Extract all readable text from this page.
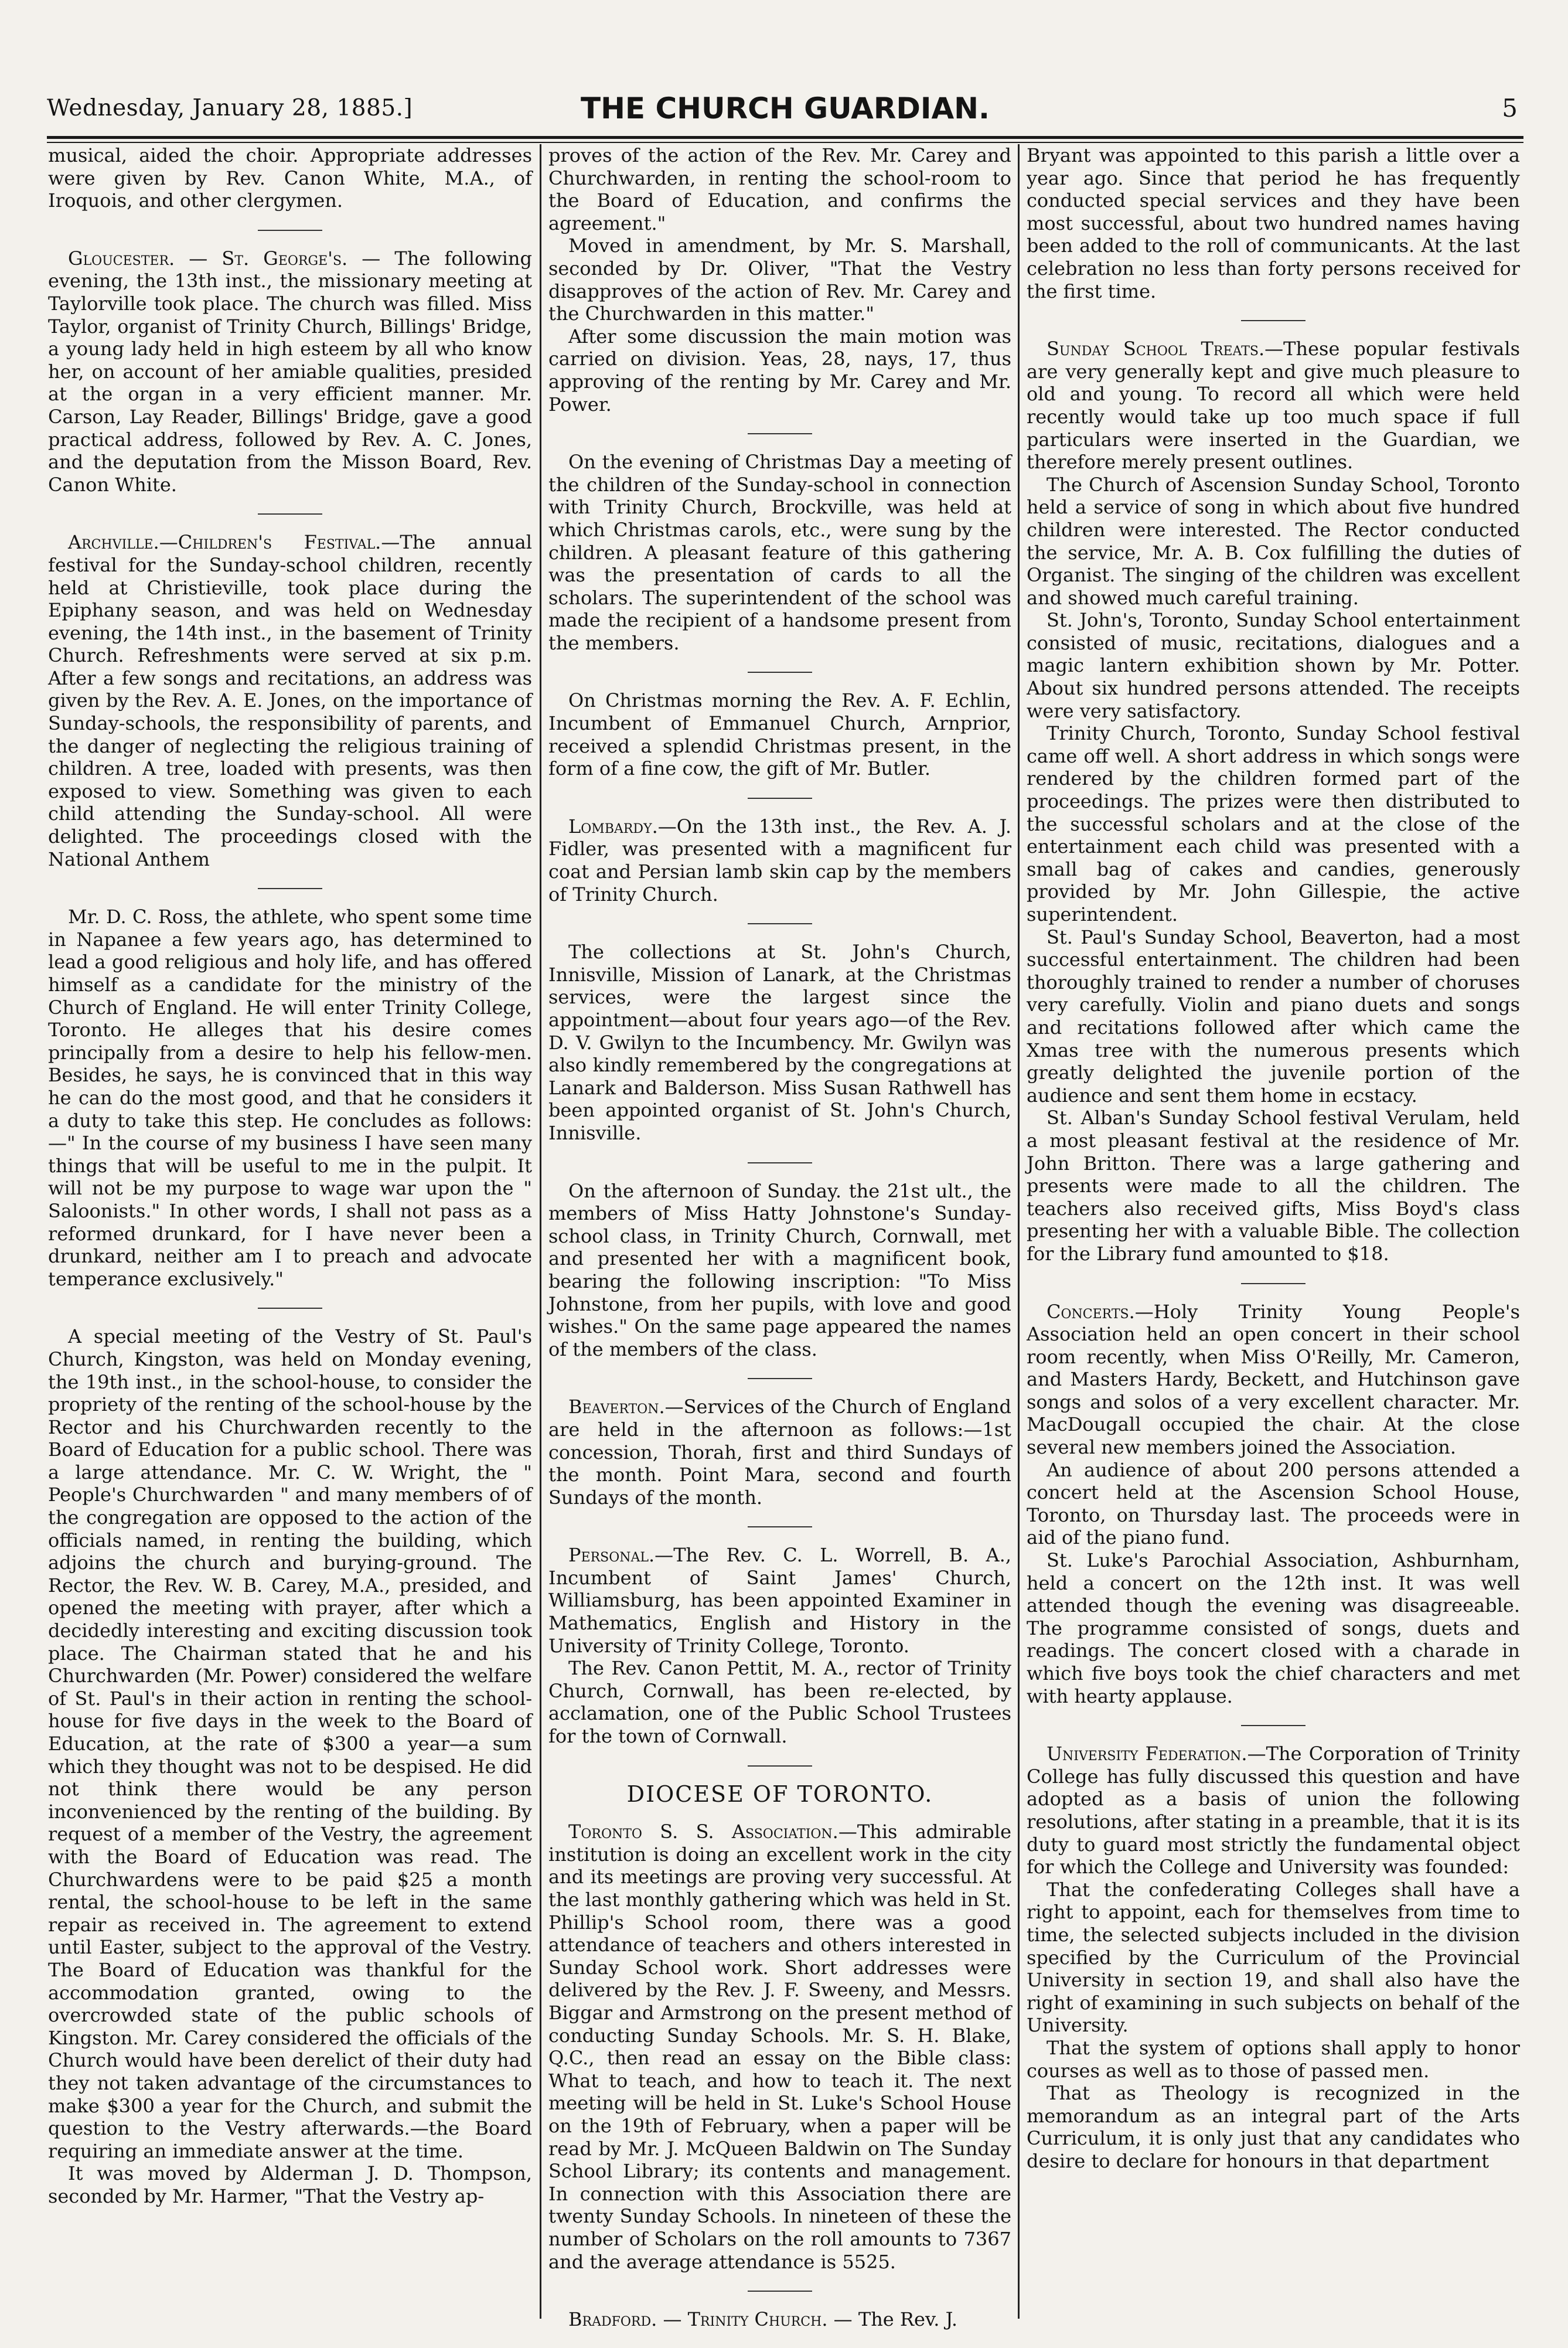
Wednesday, January 28, 1885.]	THE CHURCH GUARDIAN.	5

musical, aided the choir. Appropriate addresses were given by Rev. Canon White, M.A., of Iroquois, and other clergymen.

Gloucester. — St. George's. — The following evening, the 13th inst., the missionary meeting at Taylorville took place. The church was filled. Miss Taylor, organist of Trinity Church, Billings' Bridge, a young lady held in high esteem by all who know her, on account of her amiable qualities, presided at the organ in a very efficient manner. Mr. Carson, Lay Reader, Billings' Bridge, gave a good practical address, followed by Rev. A. C. Jones, and the deputation from the Misson Board, Rev. Canon White.

Archville.—Children's Festival.—The annual festival for the Sunday-school children, recently held at Christieville, took place during the Epiphany season, and was held on Wednesday evening, the 14th inst., in the basement of Trinity Church. Refreshments were served at six p.m. After a few songs and recitations, an address was given by the Rev. A. E. Jones, on the importance of Sunday-schools, the responsibility of parents, and the danger of neglecting the religious training of children. A tree, loaded with presents, was then exposed to view. Something was given to each child attending the Sunday-school. All were delighted. The proceedings closed with the National Anthem

Mr. D. C. Ross, the athlete, who spent some time in Napanee a few years ago, has determined to lead a good religious and holy life, and has offered himself as a candidate for the ministry of the Church of England. He will enter Trinity College, Toronto. He alleges that his desire comes principally from a desire to help his fellow-men. Besides, he says, he is convinced that in this way he can do the most good, and that he considers it a duty to take this step. He concludes as follows: —" In the course of my business I have seen many things that will be useful to me in the pulpit. It will not be my purpose to wage war upon the " Saloonists." In other words, I shall not pass as a reformed drunkard, for I have never been a drunkard, neither am I to preach and advocate temperance exclusively."

A special meeting of the Vestry of St. Paul's Church, Kingston, was held on Monday evening, the 19th inst., in the school-house, to consider the propriety of the renting of the school-house by the Rector and his Churchwarden recently to the Board of Education for a public school. There was a large attendance. Mr. C. W. Wright, the " People's Churchwarden " and many members of of the congregation are opposed to the action of the officials named, in renting the building, which adjoins the church and burying-ground. The Rector, the Rev. W. B. Carey, M.A., presided, and opened the meeting with prayer, after which a decidedly interesting and exciting discussion took place. The Chairman stated that he and his Churchwarden (Mr. Power) considered the welfare of St. Paul's in their action in renting the school-house for five days in the week to the Board of Education, at the rate of $300 a year—a sum which they thought was not to be despised. He did not think there would be any person inconvenienced by the renting of the building. By request of a member of the Vestry, the agreement with the Board of Education was read. The Churchwardens were to be paid $25 a month rental, the school-house to be left in the same repair as received in. The agreement to extend until Easter, subject to the approval of the Vestry. The Board of Education was thankful for the accommodation granted, owing to the overcrowded state of the public schools of Kingston. Mr. Carey considered the officials of the Church would have been derelict of their duty had they not taken advantage of the circumstances to make $300 a year for the Church, and submit the question to the Vestry afterwards.—the Board requiring an immediate answer at the time.

It was moved by Alderman J. D. Thompson, seconded by Mr. Harmer, "That the Vestry ap-

proves of the action of the Rev. Mr. Carey and Churchwarden, in renting the school-room to the Board of Education, and confirms the agreement."

Moved in amendment, by Mr. S. Marshall, seconded by Dr. Oliver, "That the Vestry disapproves of the action of Rev. Mr. Carey and the Churchwarden in this matter."

After some discussion the main motion was carried on division. Yeas, 28, nays, 17, thus approving of the renting by Mr. Carey and Mr. Power.

On the evening of Christmas Day a meeting of the children of the Sunday-school in connection with Trinity Church, Brockville, was held at which Christmas carols, etc., were sung by the children. A pleasant feature of this gathering was the presentation of cards to all the scholars. The superintendent of the school was made the recipient of a handsome present from the members.

On Christmas morning the Rev. A. F. Echlin, Incumbent of Emmanuel Church, Arnprior, received a splendid Christmas present, in the form of a fine cow, the gift of Mr. Butler.

Lombardy.—On the 13th inst., the Rev. A. J. Fidler, was presented with a magnificent fur coat and Persian lamb skin cap by the members of Trinity Church.

The collections at St. John's Church, Innisville, Mission of Lanark, at the Christmas services, were the largest since the appointment—about four years ago—of the Rev. D. V. Gwilyn to the Incumbency. Mr. Gwilyn was also kindly remembered by the congregations at Lanark and Balderson. Miss Susan Rathwell has been appointed organist of St. John's Church, Innisville.

On the afternoon of Sunday. the 21st ult., the members of Miss Hatty Johnstone's Sunday-school class, in Trinity Church, Cornwall, met and presented her with a magnificent book, bearing the following inscription: "To Miss Johnstone, from her pupils, with love and good wishes." On the same page appeared the names of the members of the class.

Beaverton.—Services of the Church of England are held in the afternoon as follows:—1st concession, Thorah, first and third Sundays of the month. Point Mara, second and fourth Sundays of the month.

Personal.—The Rev. C. L. Worrell, B. A., Incumbent of Saint James' Church, Williamsburg, has been appointed Examiner in Mathematics, English and History in the University of Trinity College, Toronto.

The Rev. Canon Pettit, M. A., rector of Trinity Church, Cornwall, has been re-elected, by acclamation, one of the Public School Trustees for the town of Cornwall.

DIOCESE OF TORONTO.

Toronto S. S. Association.—This admirable institution is doing an excellent work in the city and its meetings are proving very successful. At the last monthly gathering which was held in St. Phillip's School room, there was a good attendance of teachers and others interested in Sunday School work. Short addresses were delivered by the Rev. J. F. Sweeny, and Messrs. Biggar and Armstrong on the present method of conducting Sunday Schools. Mr. S. H. Blake, Q.C., then read an essay on the Bible class: What to teach, and how to teach it. The next meeting will be held in St. Luke's School House on the 19th of February, when a paper will be read by Mr. J. McQueen Baldwin on The Sunday School Library; its contents and management. In connection with this Association there are twenty Sunday Schools. In nineteen of these the number of Scholars on the roll amounts to 7367 and the average attendance is 5525.

Bradford. — Trinity Church. — The Rev. J.

Bryant was appointed to this parish a little over a year ago. Since that period he has frequently conducted special services and they have been most successful, about two hundred names having been added to the roll of communicants. At the last celebration no less than forty persons received for the first time.

Sunday School Treats.—These popular festivals are very generally kept and give much pleasure to old and young. To record all which were held recently would take up too much space if full particulars were inserted in the Guardian, we therefore merely present outlines.

The Church of Ascension Sunday School, Toronto held a service of song in which about five hundred children were interested. The Rector conducted the service, Mr. A. B. Cox fulfilling the duties of Organist. The singing of the children was excellent and showed much careful training.

St. John's, Toronto, Sunday School entertainment consisted of music, recitations, dialogues and a magic lantern exhibition shown by Mr. Potter. About six hundred persons attended. The receipts were very satisfactory.

Trinity Church, Toronto, Sunday School festival came off well. A short address in which songs were rendered by the children formed part of the proceedings. The prizes were then distributed to the successful scholars and at the close of the entertainment each child was presented with a small bag of cakes and candies, generously provided by Mr. John Gillespie, the active superintendent.

St. Paul's Sunday School, Beaverton, had a most successful entertainment. The children had been thoroughly trained to render a number of choruses very carefully. Violin and piano duets and songs and recitations followed after which came the Xmas tree with the numerous presents which greatly delighted the juvenile portion of the audience and sent them home in ecstacy.

St. Alban's Sunday School festival Verulam, held a most pleasant festival at the residence of Mr. John Britton. There was a large gathering and presents were made to all the children. The teachers also received gifts, Miss Boyd's class presenting her with a valuable Bible. The collection for the Library fund amounted to $18.

Concerts.—Holy Trinity Young People's Association held an open concert in their school room recently, when Miss O'Reilly, Mr. Cameron, and Masters Hardy, Beckett, and Hutchinson gave songs and solos of a very excellent character. Mr. MacDougall occupied the chair. At the close several new members joined the Association.

An audience of about 200 persons attended a concert held at the Ascension School House, Toronto, on Thursday last. The proceeds were in aid of the piano fund.

St. Luke's Parochial Association, Ashburnham, held a concert on the 12th inst. It was well attended though the evening was disagreeable. The programme consisted of songs, duets and readings. The concert closed with a charade in which five boys took the chief characters and met with hearty applause.

University Federation.—The Corporation of Trinity College has fully discussed this question and have adopted as a basis of union the following resolutions, after stating in a preamble, that it is its duty to guard most strictly the fundamental object for which the College and University was founded:

That the confederating Colleges shall have a right to appoint, each for themselves from time to time, the selected subjects included in the division specified by the Curriculum of the Provincial University in section 19, and shall also have the right of examining in such subjects on behalf of the University.

That the system of options shall apply to honor courses as well as to those of passed men.

That as Theology is recognized in the memorandum as an integral part of the Arts Curriculum, it is only just that any candidates who desire to declare for honours in that department
